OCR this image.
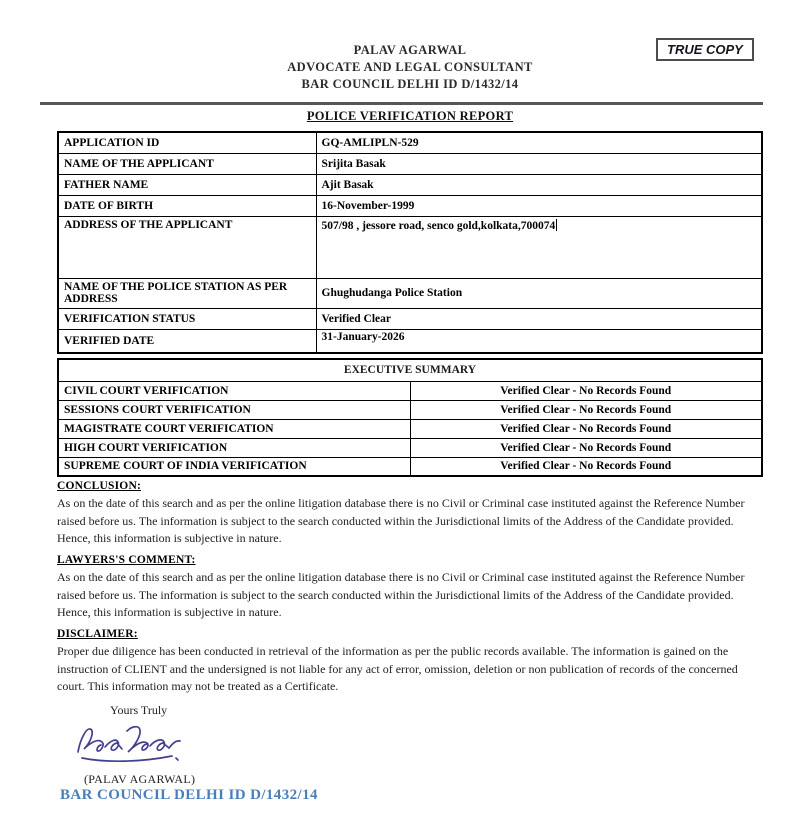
PALAV AGARWAL
ADVOCATE AND LEGAL CONSULTANT
BAR COUNCIL DELHI ID D/1432/14
TRUE COPY
POLICE VERIFICATION REPORT
APPLICATION ID	GQ-AMLIPLN-529
NAME OF THE APPLICANT	Srijita Basak
FATHER NAME	Ajit Basak
DATE OF BIRTH	16-November-1999
ADDRESS OF THE APPLICANT	507/98 , jessore road, senco gold,kolkata,700074
NAME OF THE POLICE STATION AS PER ADDRESS	Ghughudanga Police Station
VERIFICATION STATUS	Verified Clear
VERIFIED DATE	31-January-2026
EXECUTIVE SUMMARY	
CIVIL COURT VERIFICATION	Verified Clear - No Records Found
SESSIONS COURT VERIFICATION	Verified Clear - No Records Found
MAGISTRATE COURT VERIFICATION	Verified Clear - No Records Found
HIGH COURT VERIFICATION	Verified Clear - No Records Found
SUPREME COURT OF INDIA VERIFICATION	Verified Clear - No Records Found
CONCLUSION:

As on the date of this search and as per the online litigation database there is no Civil or Criminal case instituted against the Reference Number raised before us. The information is subject to the search conducted within the Jurisdictional limits of the Address of the Candidate provided. Hence, this information is subjective in nature.

LAWYERS'S COMMENT:

As on the date of this search and as per the online litigation database there is no Civil or Criminal case instituted against the Reference Number raised before us. The information is subject to the search conducted within the Jurisdictional limits of the Address of the Candidate provided. Hence, this information is subjective in nature.

DISCLAIMER:

Proper due diligence has been conducted in retrieval of the information as per the public records available. The information is gained on the instruction of CLIENT and the undersigned is not liable for any act of error, omission, deletion or non publication of records of the concerned court. This information may not be treated as a Certificate.

Yours Truly
(PALAV AGARWAL)
BAR COUNCIL DELHI ID D/1432/14
